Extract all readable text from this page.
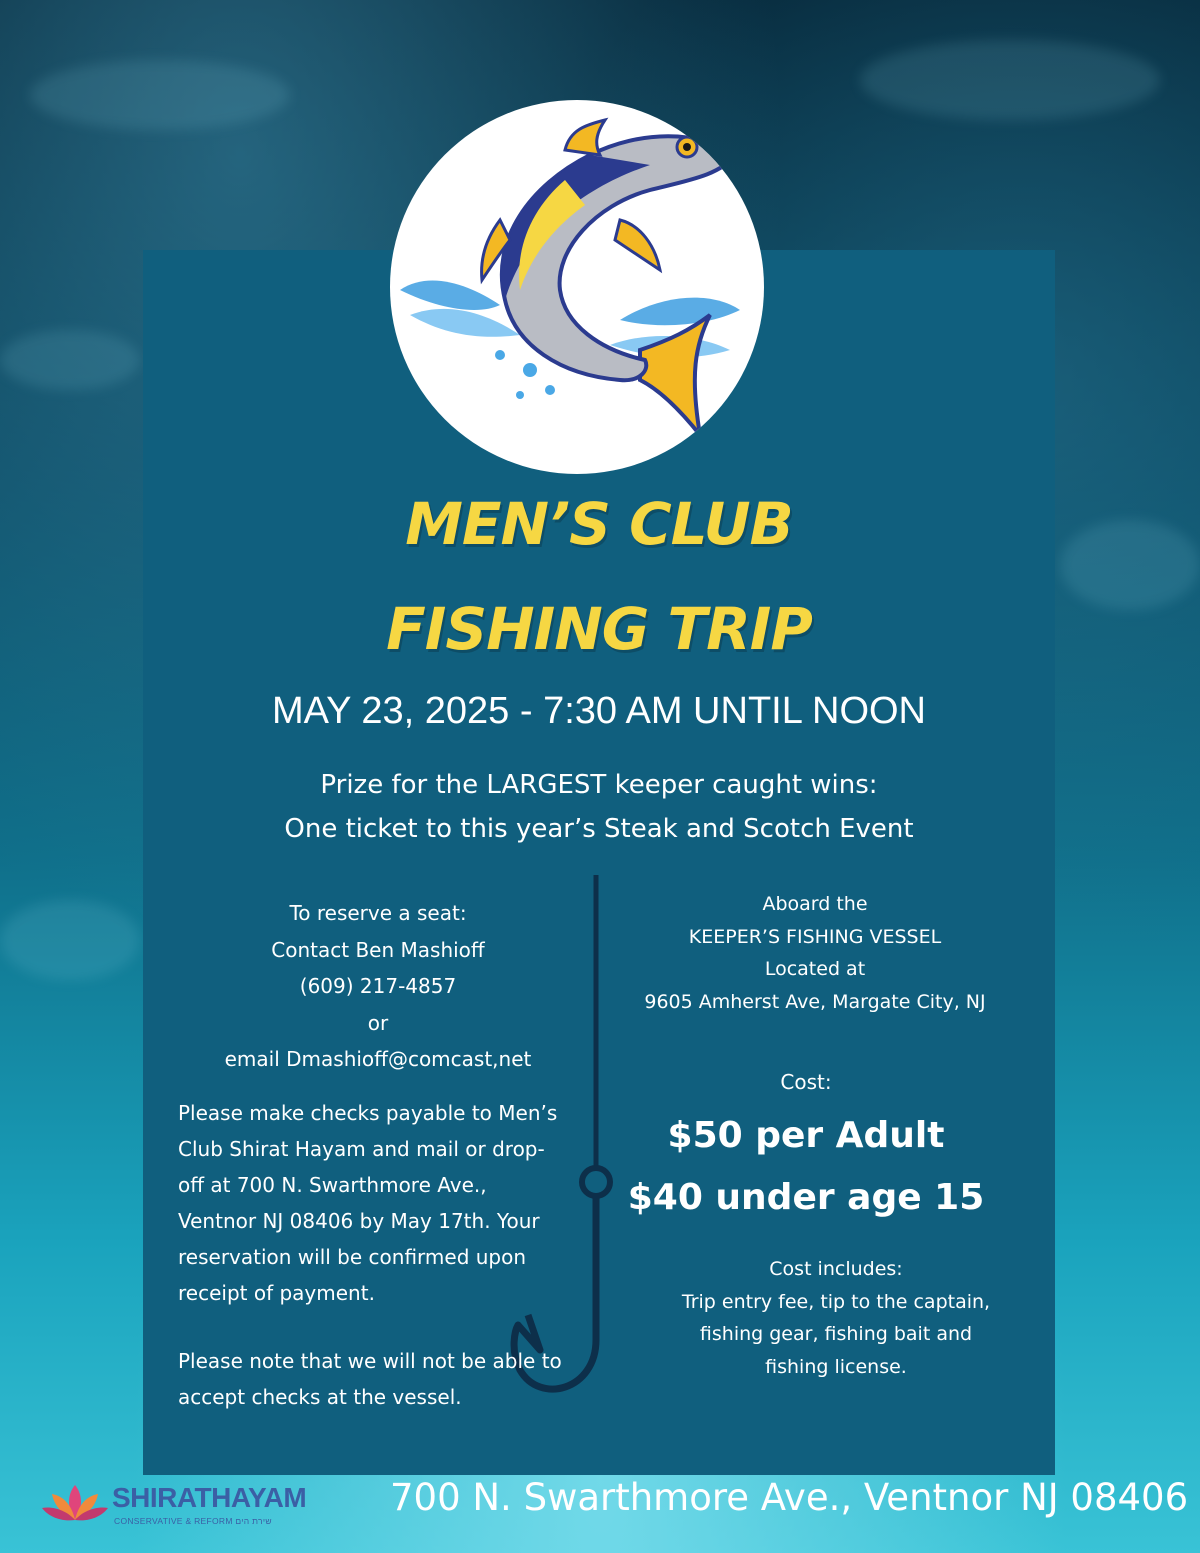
MEN’S CLUB
FISHING TRIP
MAY 23, 2025 - 7:30 AM UNTIL NOON
Prize for the LARGEST keeper caught wins:
One ticket to this year’s Steak and Scotch Event
To reserve a seat:
Contact Ben Mashioff
(609) 217-4857
or
email Dmashioff@comcast,net
Please make checks payable to Men’s
Club Shirat Hayam and mail or drop-
off at 700 N. Swarthmore Ave.,
Ventnor NJ 08406 by May 17th. Your
reservation will be confirmed upon
receipt of payment.
Please note that we will not be able to
accept checks at the vessel.
Aboard the
KEEPER’S FISHING VESSEL
Located at
9605 Amherst Ave, Margate City, NJ
Cost:
$50 per Adult
$40 under age 15
Cost includes:
Trip entry fee, tip to the captain,
fishing gear, fishing bait and
fishing license.
SHIRATHAYAM
CONSERVATIVE & REFORM שירת הים
700 N. Swarthmore Ave., Ventnor NJ 08406
